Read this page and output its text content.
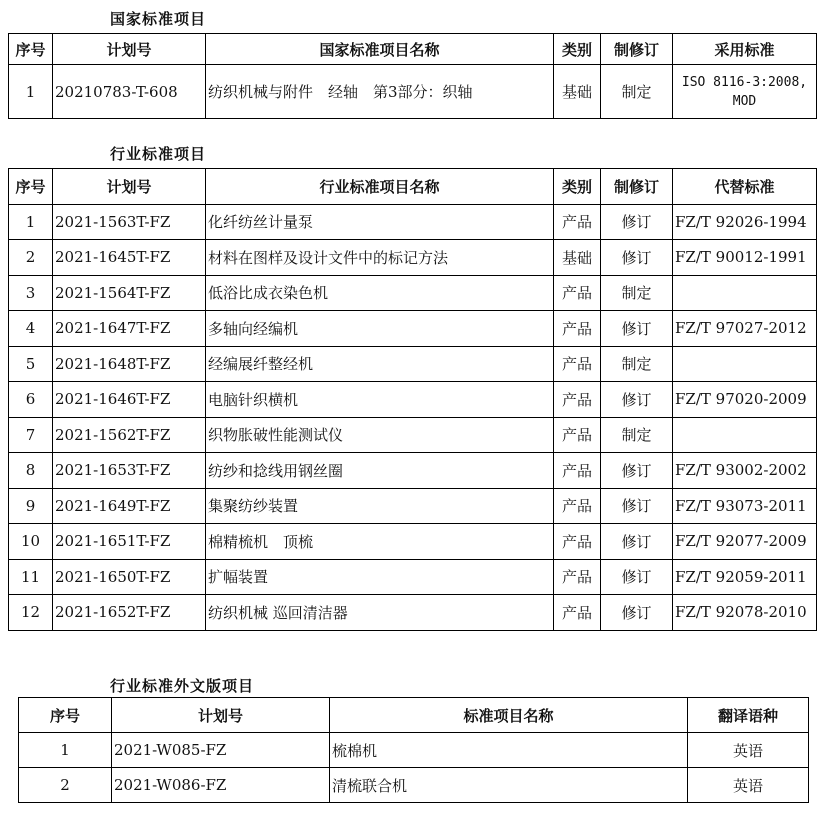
国家标准项目
序号	计划号	国家标准项目名称	类别	制修订	采用标准
1	20210783-T-608	纺织机械与附件　经轴　第3部分：织轴	基础	制定	ISO 8116-3:2008, MOD
行业标准项目
序号	计划号	行业标准项目名称	类别	制修订	代替标准
1	2021-1563T-FZ	化纤纺丝计量泵	产品	修订	FZ/T 92026-1994
2	2021-1645T-FZ	材料在图样及设计文件中的标记方法	基础	修订	FZ/T 90012-1991
3	2021-1564T-FZ	低浴比成衣染色机	产品	制定	
4	2021-1647T-FZ	多轴向经编机	产品	修订	FZ/T 97027-2012
5	2021-1648T-FZ	经编展纤整经机	产品	制定	
6	2021-1646T-FZ	电脑针织横机	产品	修订	FZ/T 97020-2009
7	2021-1562T-FZ	织物胀破性能测试仪	产品	制定	
8	2021-1653T-FZ	纺纱和捻线用钢丝圈	产品	修订	FZ/T 93002-2002
9	2021-1649T-FZ	集聚纺纱装置	产品	修订	FZ/T 93073-2011
10	2021-1651T-FZ	棉精梳机　顶梳	产品	修订	FZ/T 92077-2009
11	2021-1650T-FZ	扩幅装置	产品	修订	FZ/T 92059-2011
12	2021-1652T-FZ	纺织机械 巡回清洁器	产品	修订	FZ/T 92078-2010
行业标准外文版项目
序号	计划号	标准项目名称	翻译语种
1	2021-W085-FZ	梳棉机	英语
2	2021-W086-FZ	清梳联合机	英语
